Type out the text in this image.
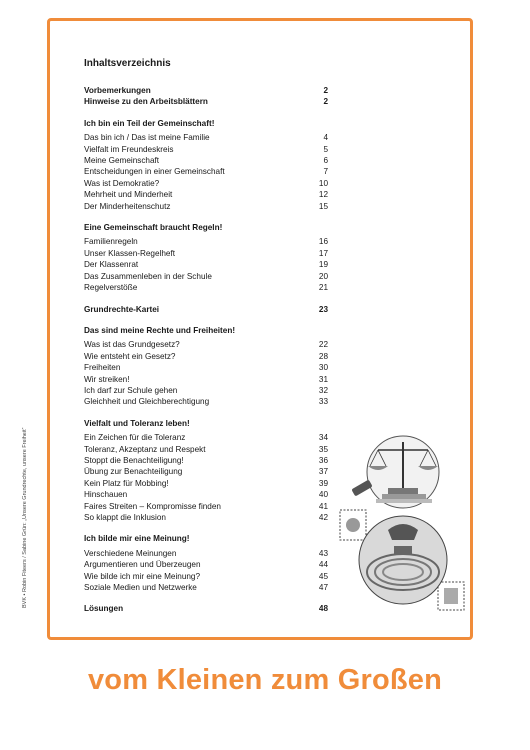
BVK • Robin Fiteers / Sabine Grün: „Unsere Grundrechte, unsere Freiheit“
Inhaltsverzeichnis
Vorbemerkungen	2
Hinweise zu den Arbeitsblättern	2
Ich bin ein Teil der Gemeinschaft!
Das bin ich / Das ist meine Familie	4
Vielfalt im Freundeskreis	5
Meine Gemeinschaft	6
Entscheidungen in einer Gemeinschaft	7
Was ist Demokratie?	10
Mehrheit und Minderheit	12
Der Minderheitenschutz	15
Eine Gemeinschaft braucht Regeln!
Familienregeln	16
Unser Klassen-Regelheft	17
Der Klassenrat	19
Das Zusammenleben in der Schule	20
Regelverstöße	21
Grundrechte-Kartei	23
Das sind meine Rechte und Freiheiten!
Was ist das Grundgesetz?	22
Wie entsteht ein Gesetz?	28
Freiheiten	30
Wir streiken!	31
Ich darf zur Schule gehen	32
Gleichheit und Gleichberechtigung	33
Vielfalt und Toleranz leben!
Ein Zeichen für die Toleranz	34
Toleranz, Akzeptanz und Respekt	35
Stoppt die Benachteiligung!	36
Übung zur Benachteiligung	37
Kein Platz für Mobbing!	39
Hinschauen	40
Faires Streiten – Kompromisse finden	41
So klappt die Inklusion	42
Ich bilde mir eine Meinung!
Verschiedene Meinungen	43
Argumentieren und Überzeugen	44
Wie bilde ich mir eine Meinung?	45
Soziale Medien und Netzwerke	47
Lösungen	48
vom Kleinen zum Großen
